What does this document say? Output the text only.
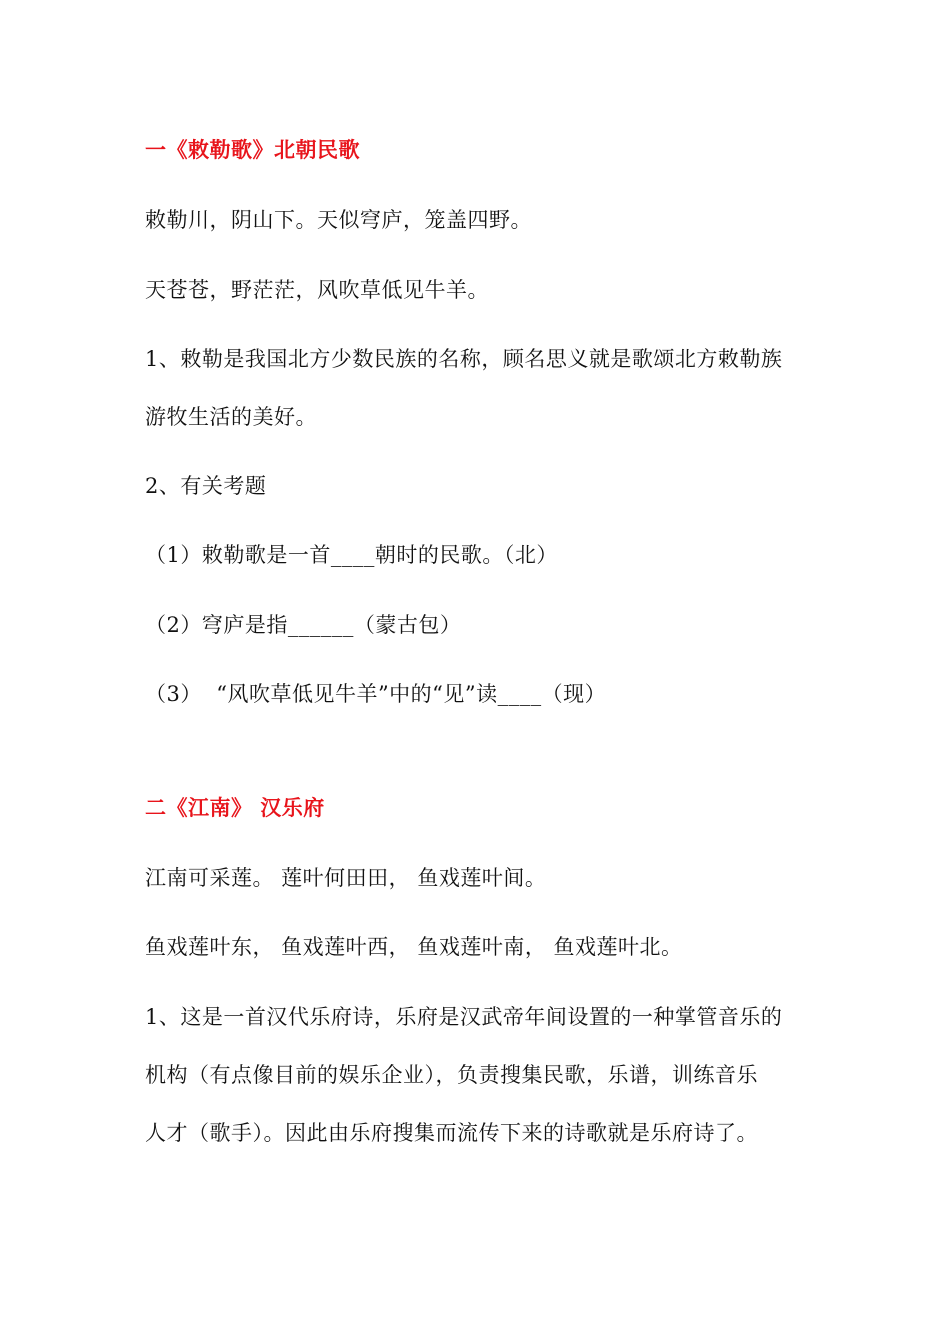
一《敕勒歌》北朝民歌
敕勒川，阴山下。天似穹庐，笼盖四野。
天苍苍，野茫茫，风吹草低见牛羊。
1、敕勒是我国北方少数民族的名称，顾名思义就是歌颂北方敕勒族
游牧生活的美好。
2、有关考题
（1）敕勒歌是一首____朝时的民歌。（北）
（2）穹庐是指______（蒙古包）
（3）  “风吹草低见牛羊”中的“见”读____（现）
二《江南》 汉乐府
江南可采莲。 莲叶何田田， 鱼戏莲叶间。
鱼戏莲叶东， 鱼戏莲叶西， 鱼戏莲叶南， 鱼戏莲叶北。
1、这是一首汉代乐府诗，乐府是汉武帝年间设置的一种掌管音乐的
机构（有点像目前的娱乐企业），负责搜集民歌，乐谱，训练音乐
人才（歌手）。因此由乐府搜集而流传下来的诗歌就是乐府诗了。
